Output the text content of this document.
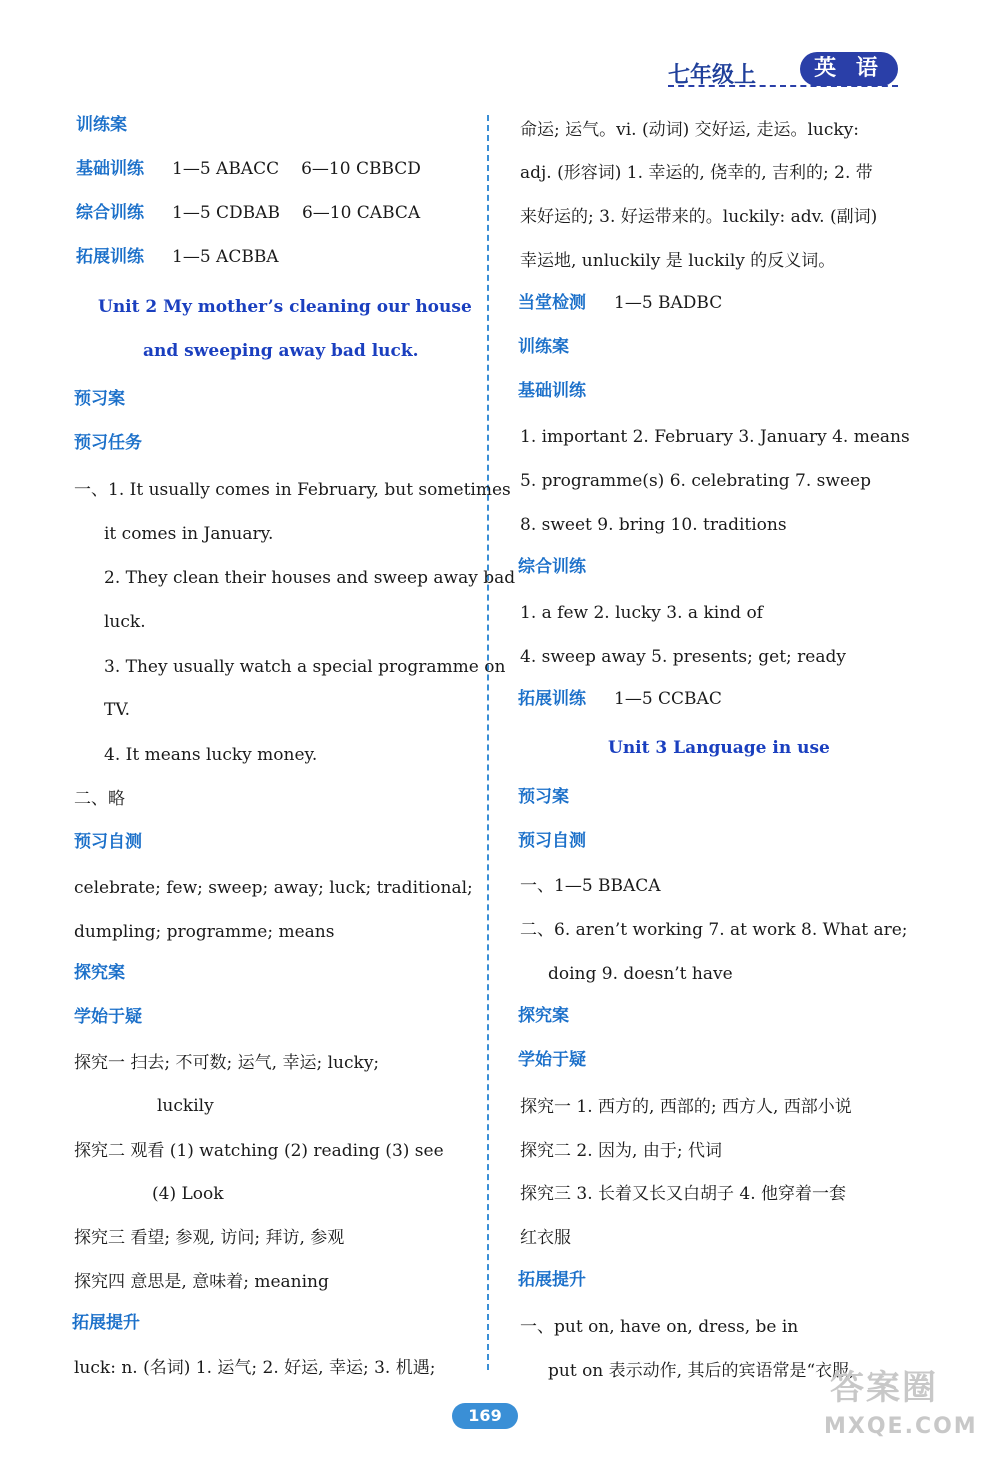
七年级上	英 语
训练案
基础训练 1—5 ABACC 6—10 CBBCD
综合训练 1—5 CDBAB 6—10 CABCA
拓展训练 1—5 ACBBA
Unit 2 My mother’s cleaning our house
and sweeping away bad luck.
预习案
预习任务
一、1. It usually comes in February, but sometimes
it comes in January.
2. They clean their houses and sweep away bad
luck.
3. They usually watch a special programme on
TV.
4. It means lucky money.
二、略
预习自测
celebrate; few; sweep; away; luck; traditional;
dumpling; programme; means
探究案
学始于疑
探究一 扫去; 不可数; 运气, 幸运; lucky;
luckily
探究二 观看 (1) watching (2) reading (3) see
(4) Look
探究三 看望; 参观, 访问; 拜访, 参观
探究四 意思是, 意味着; meaning
拓展提升
luck: n. (名词) 1. 运气; 2. 好运, 幸运; 3. 机遇;
命运; 运气。vi. (动词) 交好运, 走运。lucky:
adj. (形容词) 1. 幸运的, 侥幸的, 吉利的; 2. 带
来好运的; 3. 好运带来的。luckily: adv. (副词)
幸运地, unluckily 是 luckily 的反义词。
当堂检测 1—5 BADBC
训练案
基础训练
1. important 2. February 3. January 4. means
5. programme(s) 6. celebrating 7. sweep
8. sweet 9. bring 10. traditions
综合训练
1. a few 2. lucky 3. a kind of
4. sweep away 5. presents; get; ready
拓展训练 1—5 CCBAC
Unit 3 Language in use
预习案
预习自测
一、1—5 BBACA
二、6. aren’t working 7. at work 8. What are;
doing 9. doesn’t have
探究案
学始于疑
探究一 1. 西方的, 西部的; 西方人, 西部小说
探究二 2. 因为, 由于; 代词
探究三 3. 长着又长又白胡子 4. 他穿着一套
红衣服
拓展提升
一、put on, have on, dress, be in
put on 表示动作, 其后的宾语常是“衣服,
169
答案圈
MXQE.COM
